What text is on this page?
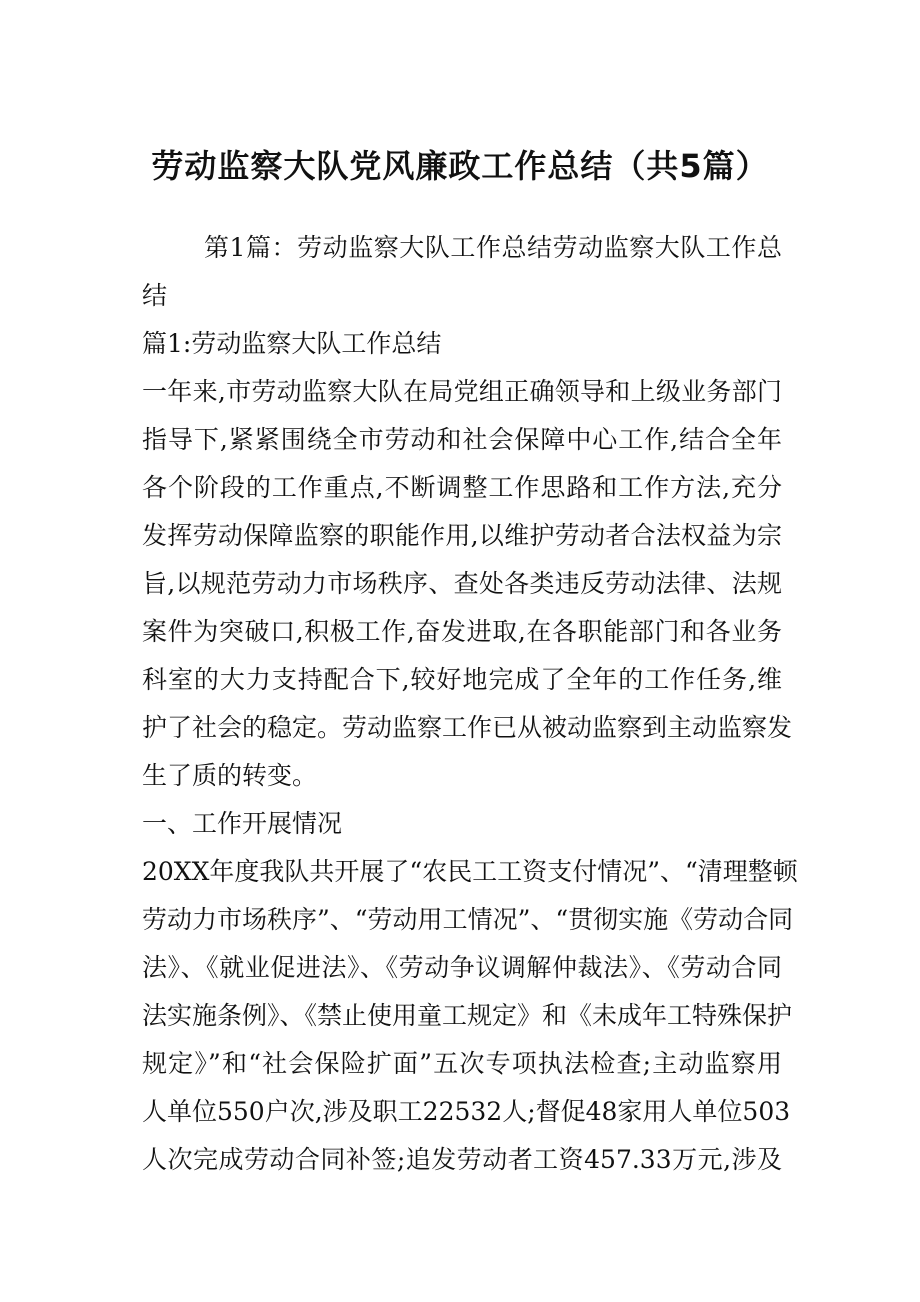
劳动监察大队党风廉政工作总结（共5篇）

第1篇：劳动监察大队工作总结劳动监察大队工作总

结

篇1:劳动监察大队工作总结

一年来,市劳动监察大队在局党组正确领导和上级业务部门

指导下,紧紧围绕全市劳动和社会保障中心工作,结合全年

各个阶段的工作重点,不断调整工作思路和工作方法,充分

发挥劳动保障监察的职能作用,以维护劳动者合法权益为宗

旨,以规范劳动力市场秩序、查处各类违反劳动法律、法规

案件为突破口,积极工作,奋发进取,在各职能部门和各业务

科室的大力支持配合下,较好地完成了全年的工作任务,维

护了社会的稳定。劳动监察工作已从被动监察到主动监察发

生了质的转变。

一、工作开展情况

20XX年度我队共开展了“农民工工资支付情况”、“清理整顿

劳动力市场秩序”、“劳动用工情况”、“贯彻实施《劳动合同

法》、《就业促进法》、《劳动争议调解仲裁法》、《劳动合同

法实施条例》、《禁止使用童工规定》和《未成年工特殊保护

规定》”和“社会保险扩面”五次专项执法检查;主动监察用

人单位550户次,涉及职工22532人;督促48家用人单位503

人次完成劳动合同补签;追发劳动者工资457.33万元,涉及
